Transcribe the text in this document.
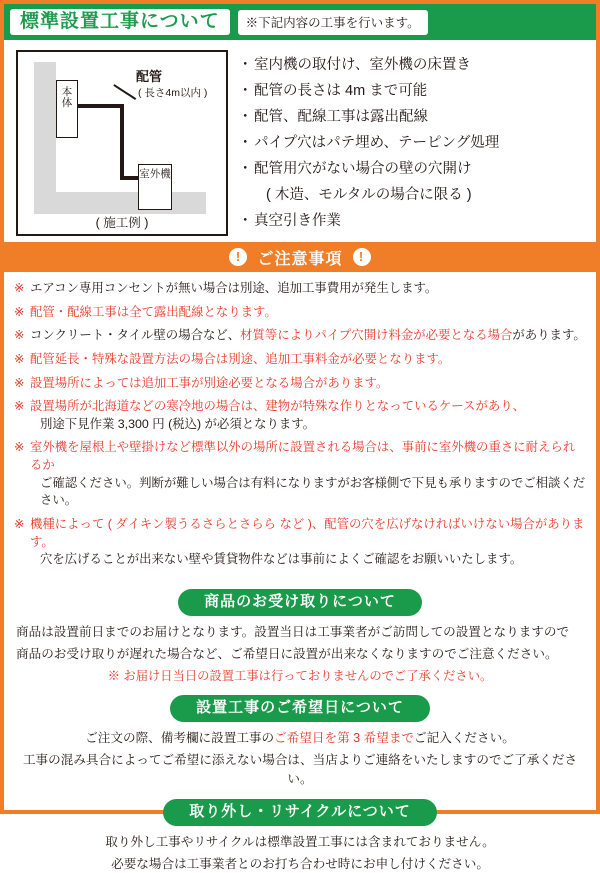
標準設置工事について	※下記内容の工事を行います。
本体
室外機
配管
( 長さ4m以内 )
( 施工例 )
・ 室内機の取付け、室外機の床置き
・ 配管の長さは 4m まで可能
・ 配管、配線工事は露出配線
・ パイプ穴はパテ埋め、テーピング処理
・ 配管用穴がない場合の壁の穴開け
( 木造、モルタルの場合に限る )
・ 真空引き作業
!	ご注意事項	!
※ エアコン専用コンセントが無い場合は別途、追加工事費用が発生します。
※ 配管・配線工事は全て露出配線となります。
※ コンクリート・タイル壁の場合など、材質等によりパイプ穴開け料金が必要となる場合があります。
※ 配管延長・特殊な設置方法の場合は別途、追加工事料金が必要となります。
※ 設置場所によっては追加工事が別途必要となる場合があります。
※ 設置場所が北海道などの寒冷地の場合は、建物が特殊な作りとなっているケースがあり、
別途下見作業 3,300 円 (税込) が必須となります。
※ 室外機を屋根上や壁掛けなど標準以外の場所に設置される場合は、事前に室外機の重さに耐えられるか
ご確認ください。判断が難しい場合は有料になりますがお客様側で下見も承りますのでご相談ください。
※ 機種によって ( ダイキン製うるさらとさらら など )、配管の穴を広げなければいけない場合があります。
穴を広げることが出来ない壁や賃貸物件などは事前によくご確認をお願いいたします。
商品のお受け取りについて

商品は設置前日までのお届けとなります。設置当日は工事業者がご訪問しての設置となりますので

商品のお受け取りが遅れた場合など、ご希望日に設置が出来なくなりますのでご注意ください。

※ お届け日当日の設置工事は行っておりませんのでご了承ください。

設置工事のご希望日について

ご注文の際、備考欄に設置工事のご希望日を第 3 希望までご記入ください。

工事の混み具合によってご希望に添えない場合は、当店よりご連絡をいたしますのでご了承ください。

取り外し・リサイクルについて

取り外し工事やリサイクルは標準設置工事には含まれておりません。

必要な場合は工事業者とのお打ち合わせ時にお申し付けください。
